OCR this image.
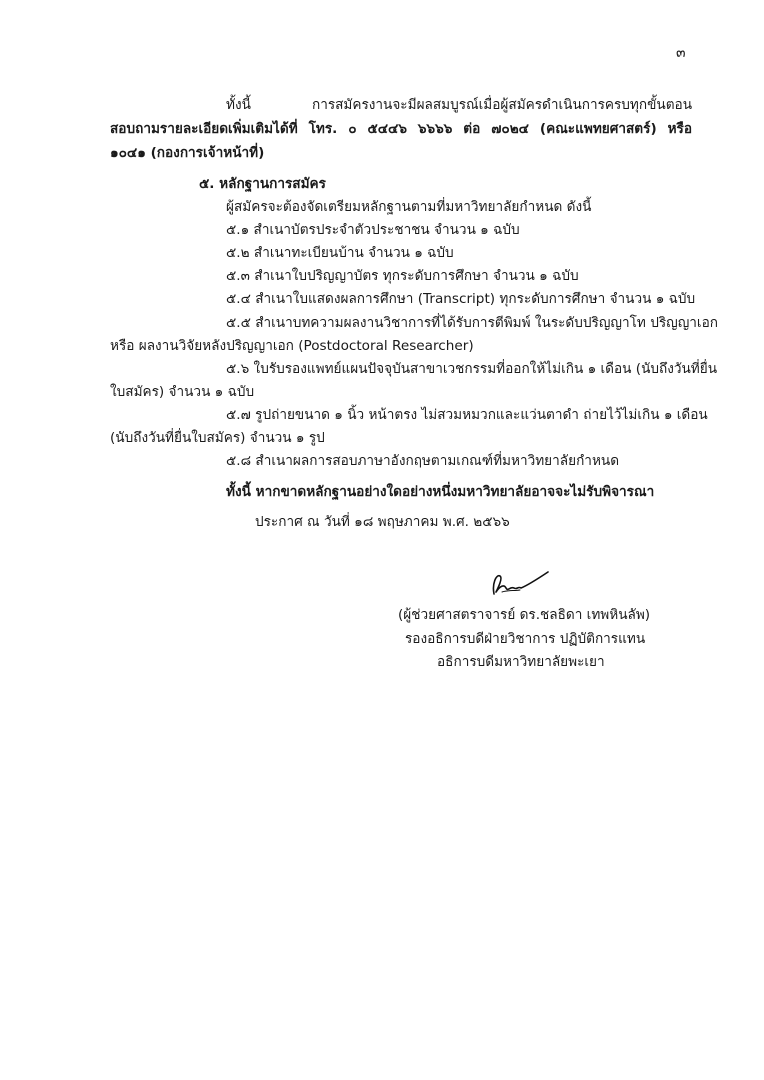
๓
ทั้งนี้ การสมัครงานจะมีผลสมบูรณ์เมื่อผู้สมัครดำเนินการครบทุกขั้นตอน
สอบถามรายละเอียดเพิ่มเติมได้ที่ โทร. ๐ ๕๔๔๖ ๖๖๖๖ ต่อ ๗๐๒๔ (คณะแพทยศาสตร์) หรือ
๑๐๔๑ (กองการเจ้าหน้าที่)
๕. หลักฐานการสมัคร
ผู้สมัครจะต้องจัดเตรียมหลักฐานตามที่มหาวิทยาลัยกำหนด ดังนี้
๕.๑ สำเนาบัตรประจำตัวประชาชน จำนวน ๑ ฉบับ
๕.๒ สำเนาทะเบียนบ้าน จำนวน ๑ ฉบับ
๕.๓ สำเนาใบปริญญาบัตร ทุกระดับการศึกษา จำนวน ๑ ฉบับ
๕.๔ สำเนาใบแสดงผลการศึกษา (Transcript) ทุกระดับการศึกษา จำนวน ๑ ฉบับ
๕.๕ สำเนาบทความผลงานวิชาการที่ได้รับการตีพิมพ์ ในระดับปริญญาโท ปริญญาเอก
หรือ ผลงานวิจัยหลังปริญญาเอก (Postdoctoral Researcher)
๕.๖ ใบรับรองแพทย์แผนปัจจุบันสาขาเวชกรรมที่ออกให้ไม่เกิน ๑ เดือน (นับถึงวันที่ยื่น
ใบสมัคร) จำนวน ๑ ฉบับ
๕.๗ รูปถ่ายขนาด ๑ นิ้ว หน้าตรง ไม่สวมหมวกและแว่นตาดำ ถ่ายไว้ไม่เกิน ๑ เดือน
(นับถึงวันที่ยื่นใบสมัคร) จำนวน ๑ รูป
๕.๘ สำเนาผลการสอบภาษาอังกฤษตามเกณฑ์ที่มหาวิทยาลัยกำหนด
ทั้งนี้ หากขาดหลักฐานอย่างใดอย่างหนึ่งมหาวิทยาลัยอาจจะไม่รับพิจารณา
ประกาศ ณ วันที่ ๑๘ พฤษภาคม พ.ศ. ๒๕๖๖
(ผู้ช่วยศาสตราจารย์ ดร.ชลธิดา เทพหินลัพ)
รองอธิการบดีฝ่ายวิชาการ ปฏิบัติการแทน
อธิการบดีมหาวิทยาลัยพะเยา
